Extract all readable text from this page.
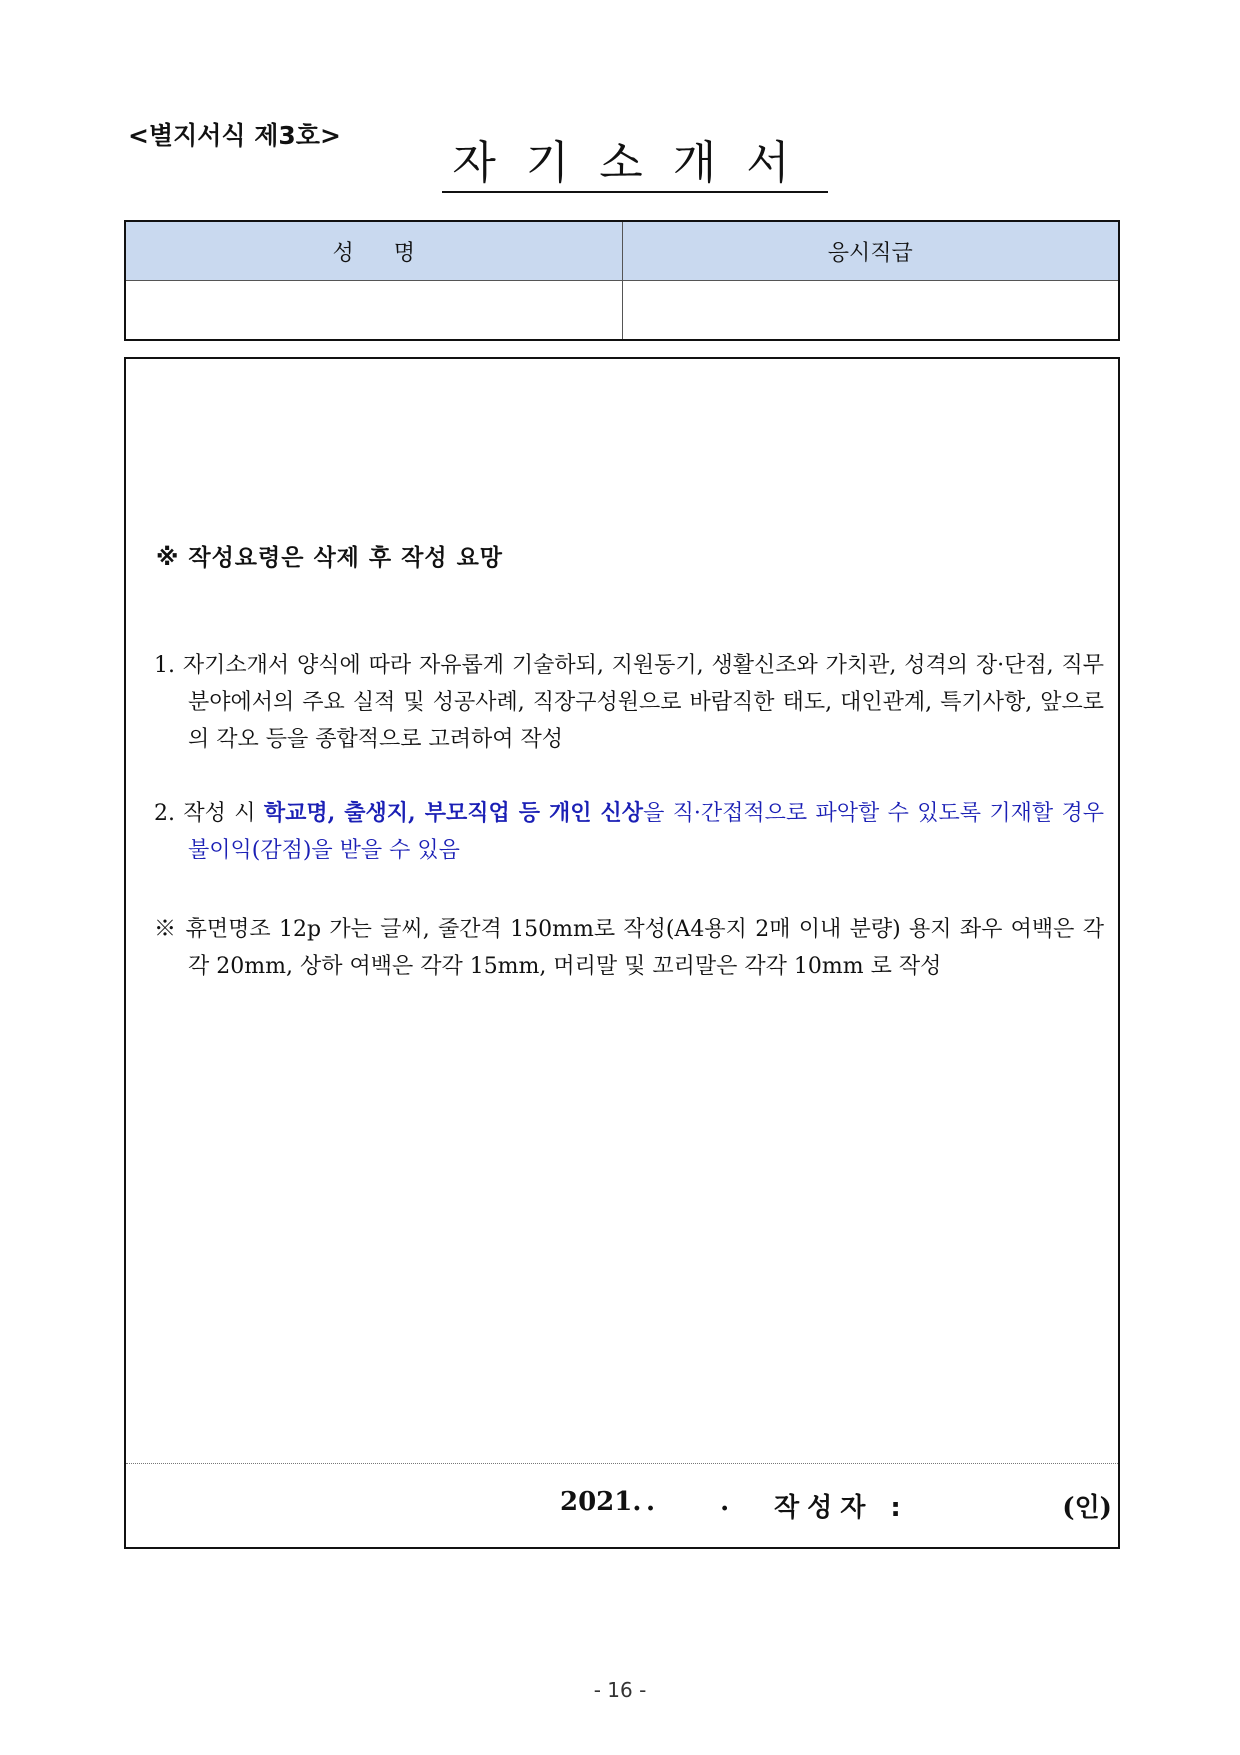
<별지서식 제3호>
자기소개서
성명	응시직급

※ 작성요령은 삭제 후 작성 요망

1. 자기소개서 양식에 따라 자유롭게 기술하되, 지원동기, 생활신조와 가치관, 성격의 장·단점, 직무분야에서의 주요 실적 및 성공사례, 직장구성원으로 바람직한 태도, 대인관계, 특기사항, 앞으로의 각오 등을 종합적으로 고려하여 작성

2. 작성 시 학교명, 출생지, 부모직업 등 개인 신상을 직·간접적으로 파악할 수 있도록 기재할 경우 불이익(감점)을 받을 수 있음

※ 휴면명조 12p 가는 글씨, 줄간격 150mm로 작성(A4용지 2매 이내 분량) 용지 좌우 여백은 각각 20mm, 상하 여백은 각각 15mm, 머리말 및 꼬리말은 각각 10mm 로 작성

2021. . . 작성자 :	(인)
- 16 -
